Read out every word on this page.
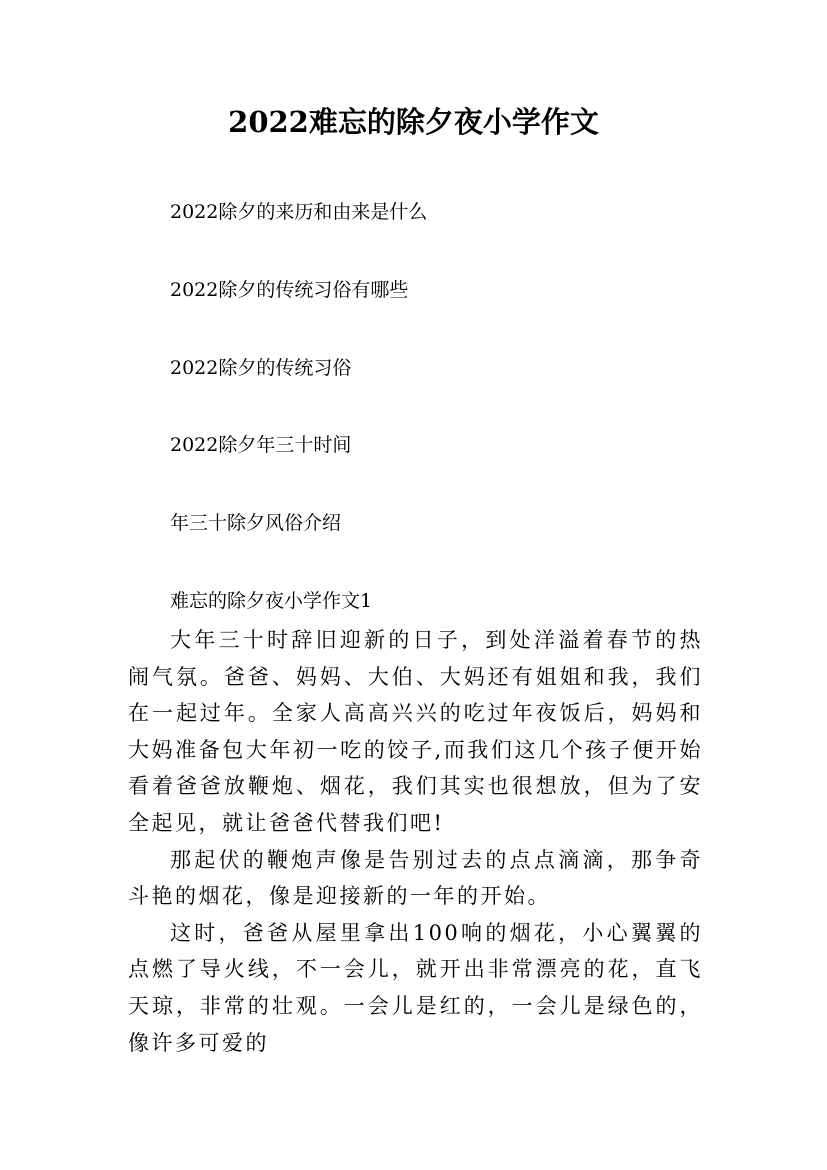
2022难忘的除夕夜小学作文
2022除夕的来历和由来是什么
2022除夕的传统习俗有哪些
2022除夕的传统习俗
2022除夕年三十时间
年三十除夕风俗介绍
难忘的除夕夜小学作文1

大年三十时辞旧迎新的日子，到处洋溢着春节的热闹气氛。爸爸、妈妈、大伯、大妈还有姐姐和我，我们在一起过年。全家人高高兴兴的吃过年夜饭后，妈妈和大妈准备包大年初一吃的饺子,而我们这几个孩子便开始看着爸爸放鞭炮、烟花，我们其实也很想放，但为了安全起见，就让爸爸代替我们吧!

那起伏的鞭炮声像是告别过去的点点滴滴，那争奇斗艳的烟花，像是迎接新的一年的开始。

这时，爸爸从屋里拿出100响的烟花，小心翼翼的点燃了导火线，不一会儿，就开出非常漂亮的花，直飞天琼，非常的壮观。一会儿是红的，一会儿是绿色的，像许多可爱的
